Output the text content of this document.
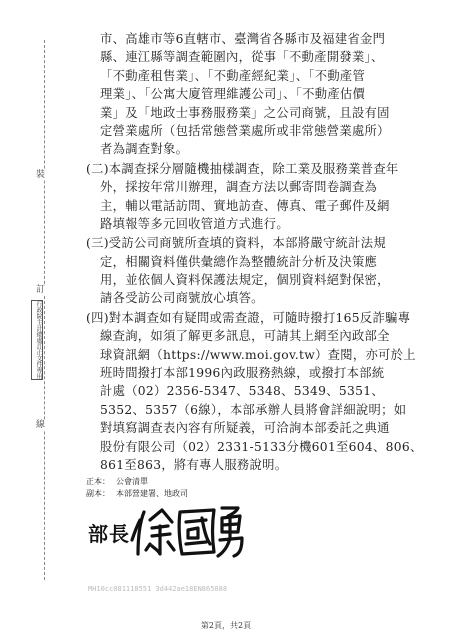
裝
訂
線
行政院主計總處訂正文件專用
市、高雄市等6直轄市、臺灣省各縣市及福建省金門
縣、連江縣等調查範圍內，從事「不動產開發業」、
「不動產租售業」、「不動產經紀業」、「不動產管
理業」、「公寓大廈管理維護公司」、「不動產估價
業」及「地政士事務服務業」之公司商號，且設有固
定營業處所（包括常態營業處所或非常態營業處所）
者為調查對象。
(二)本調查採分層隨機抽樣調查，除工業及服務業普查年
外，採按年常川辦理，調查方法以郵寄問卷調查為
主，輔以電話訪問、實地訪查、傳真、電子郵件及網
路填報等多元回收管道方式進行。
(三)受訪公司商號所查填的資料，本部將嚴守統計法規
定，相關資料僅供彙總作為整體統計分析及決策應
用，並依個人資料保護法規定，個別資料絕對保密，
請各受訪公司商號放心填答。
(四)對本調查如有疑問或需查證，可隨時撥打165反詐騙專
線查詢，如須了解更多訊息，可請其上網至內政部全
球資訊網（https://www.moi.gov.tw）查閱，亦可於上
班時間撥打本部1996內政服務熱線，或撥打本部統
計處（02）2356-5347、5348、5349、5351、
5352、5357（6線），本部承辦人員將會詳細說明；如
對填寫調查表內容有所疑義，可洽詢本部委託之典通
股份有限公司（02）2331-5133分機601至604、806、
861至863，將有專人服務說明。
正本： 公會清單
副本： 本部營建署、地政司
部長
MH10cc081118551 3d442ae18EN865088
第2頁，共2頁
